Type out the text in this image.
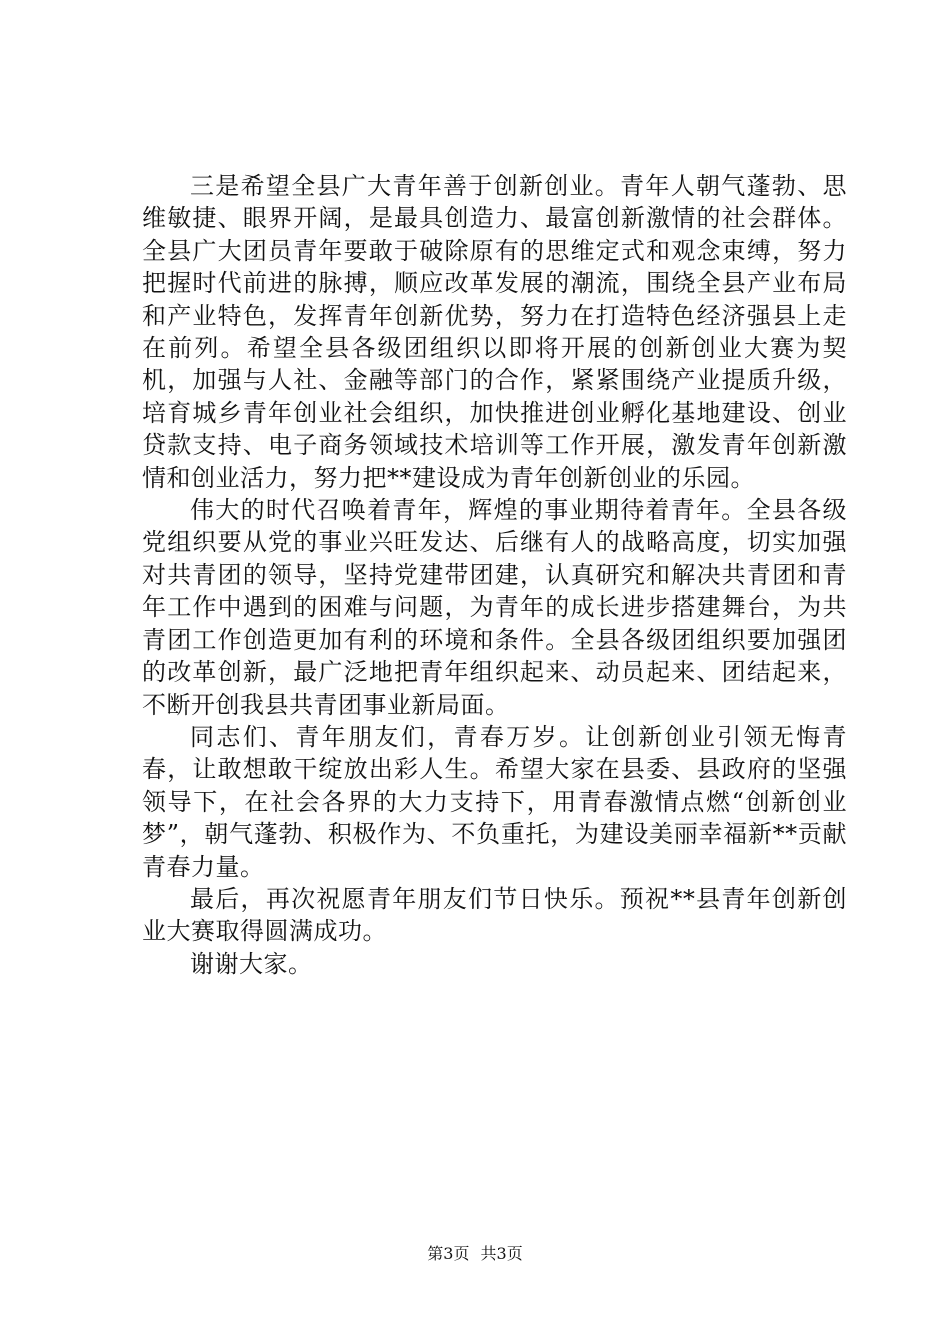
三是希望全县广大青年善于创新创业。青年人朝气蓬勃、思维敏捷、眼界开阔，是最具创造力、最富创新激情的社会群体。全县广大团员青年要敢于破除原有的思维定式和观念束缚，努力把握时代前进的脉搏，顺应改革发展的潮流，围绕全县产业布局和产业特色，发挥青年创新优势，努力在打造特色经济强县上走在前列。希望全县各级团组织以即将开展的创新创业大赛为契机，加强与人社、金融等部门的合作，紧紧围绕产业提质升级，培育城乡青年创业社会组织，加快推进创业孵化基地建设、创业贷款支持、电子商务领域技术培训等工作开展，激发青年创新激情和创业活力，努力把**建设成为青年创新创业的乐园。

伟大的时代召唤着青年，辉煌的事业期待着青年。全县各级党组织要从党的事业兴旺发达、后继有人的战略高度，切实加强对共青团的领导，坚持党建带团建，认真研究和解决共青团和青年工作中遇到的困难与问题，为青年的成长进步搭建舞台，为共青团工作创造更加有利的环境和条件。全县各级团组织要加强团的改革创新，最广泛地把青年组织起来、动员起来、团结起来，不断开创我县共青团事业新局面。

同志们、青年朋友们，青春万岁。让创新创业引领无悔青春，让敢想敢干绽放出彩人生。希望大家在县委、县政府的坚强领导下，在社会各界的大力支持下，用青春激情点燃“创新创业梦”，朝气蓬勃、积极作为、不负重托，为建设美丽幸福新**贡献青春力量。

最后，再次祝愿青年朋友们节日快乐。预祝**县青年创新创业大赛取得圆满成功。

谢谢大家。

第3页 共3页
